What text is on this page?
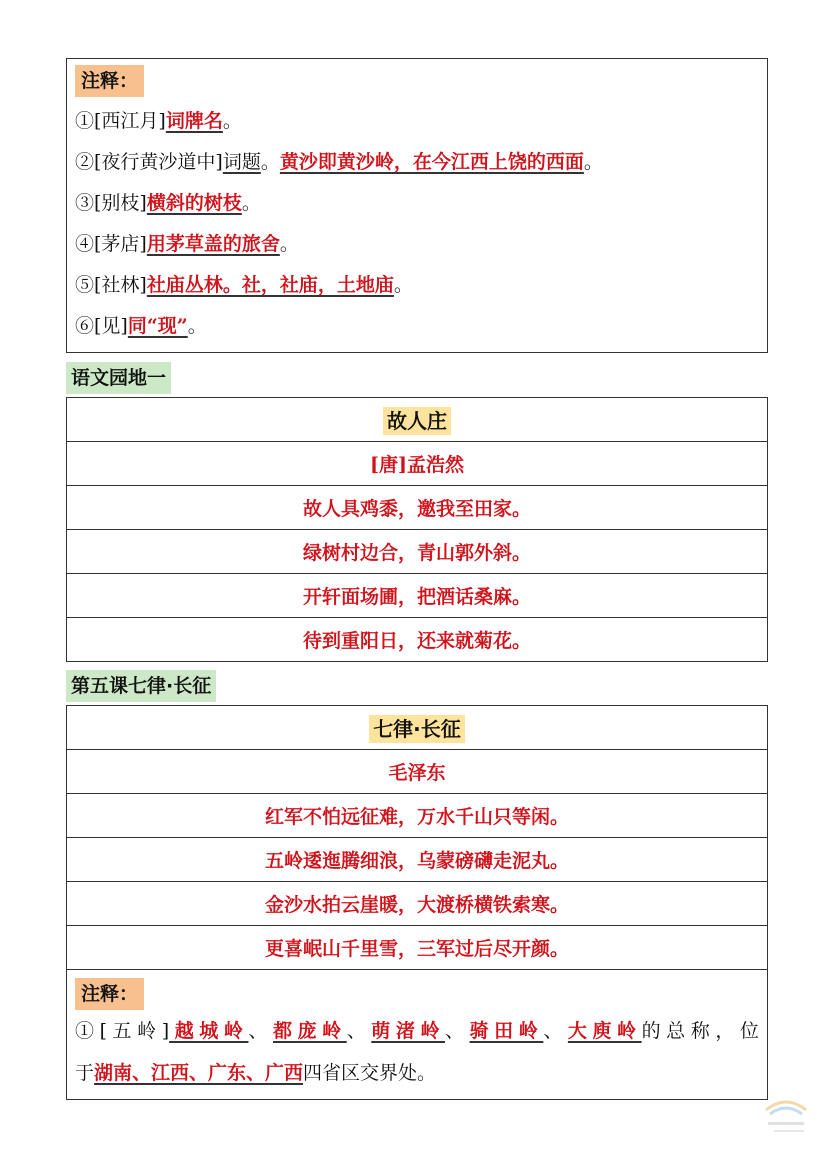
注释：
①[西江月]词牌名。
②[夜行黄沙道中]词题。黄沙即黄沙岭，在今江西上饶的西面。
③[别枝]横斜的树枝。
④[茅店]用茅草盖的旅舍。
⑤[社林]社庙丛林。社，社庙，土地庙。
⑥[见]同“现”。
语文园地一
故人庄
[唐]孟浩然
故人具鸡黍，邀我至田家。
绿树村边合，青山郭外斜。
开轩面场圃，把酒话桑麻。
待到重阳日，还来就菊花。
第五课七律·长征
七律·长征
毛泽东
红军不怕远征难，万水千山只等闲。
五岭逶迤腾细浪，乌蒙磅礴走泥丸。
金沙水拍云崖暖，大渡桥横铁索寒。
更喜岷山千里雪，三军过后尽开颜。
注释：
①[五岭]越城岭、都庞岭、萌渚岭、骑田岭、大庾岭的总称，位
于湖南、江西、广东、广西四省区交界处。
